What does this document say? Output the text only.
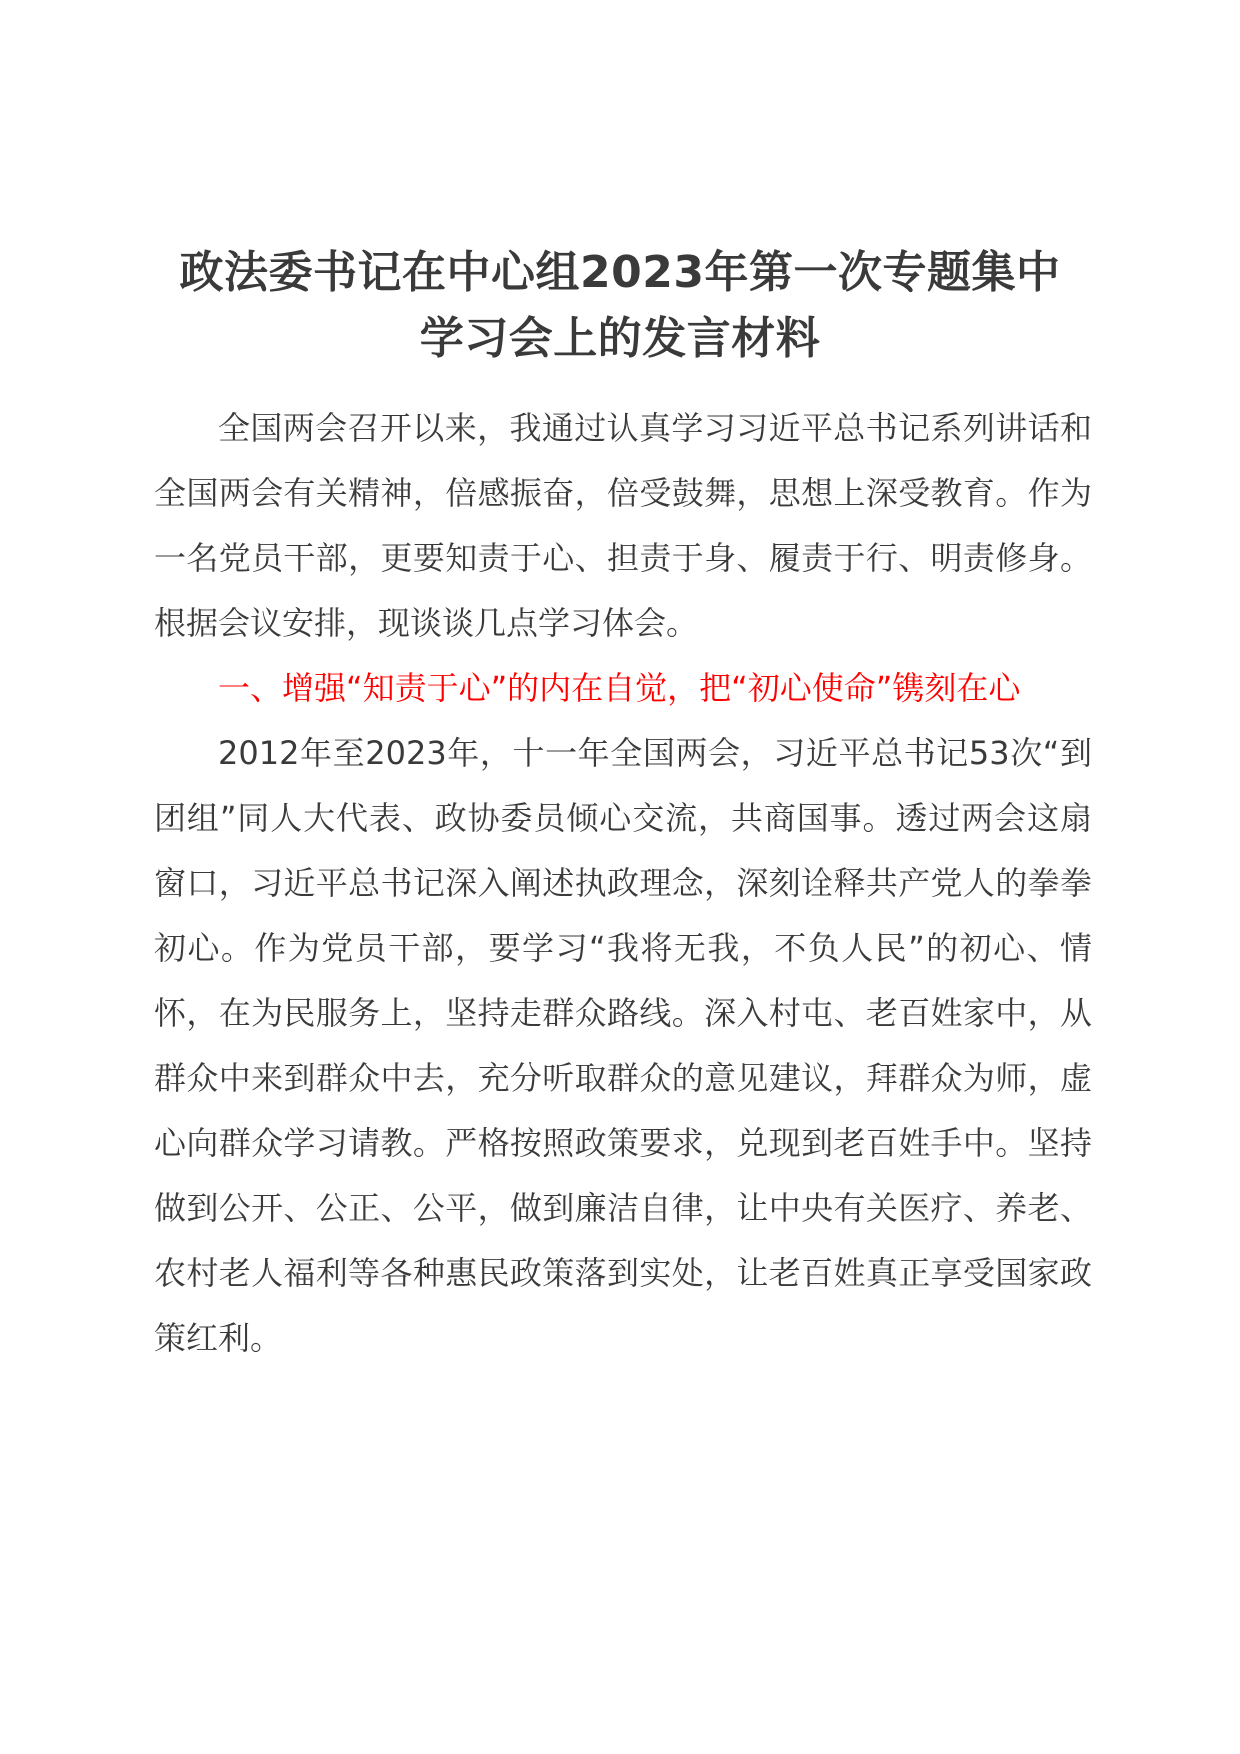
政法委书记在中心组2023年第一次专题集中
学习会上的发言材料

全国两会召开以来，我通过认真学习习近平总书记系列讲话和全国两会有关精神，倍感振奋，倍受鼓舞，思想上深受教育。作为一名党员干部，更要知责于心、担责于身、履责于行、明责修身。根据会议安排，现谈谈几点学习体会。

一、增强“知责于心”的内在自觉，把“初心使命”镌刻在心

2012年至2023年，十一年全国两会，习近平总书记53次“到团组”同人大代表、政协委员倾心交流，共商国事。透过两会这扇窗口，习近平总书记深入阐述执政理念，深刻诠释共产党人的拳拳初心。作为党员干部，要学习“我将无我，不负人民”的初心、情怀，在为民服务上，坚持走群众路线。深入村屯、老百姓家中，从群众中来到群众中去，充分听取群众的意见建议，拜群众为师，虚心向群众学习请教。严格按照政策要求，兑现到老百姓手中。坚持做到公开、公正、公平，做到廉洁自律，让中央有关医疗、养老、农村老人福利等各种惠民政策落到实处，让老百姓真正享受国家政策红利。
